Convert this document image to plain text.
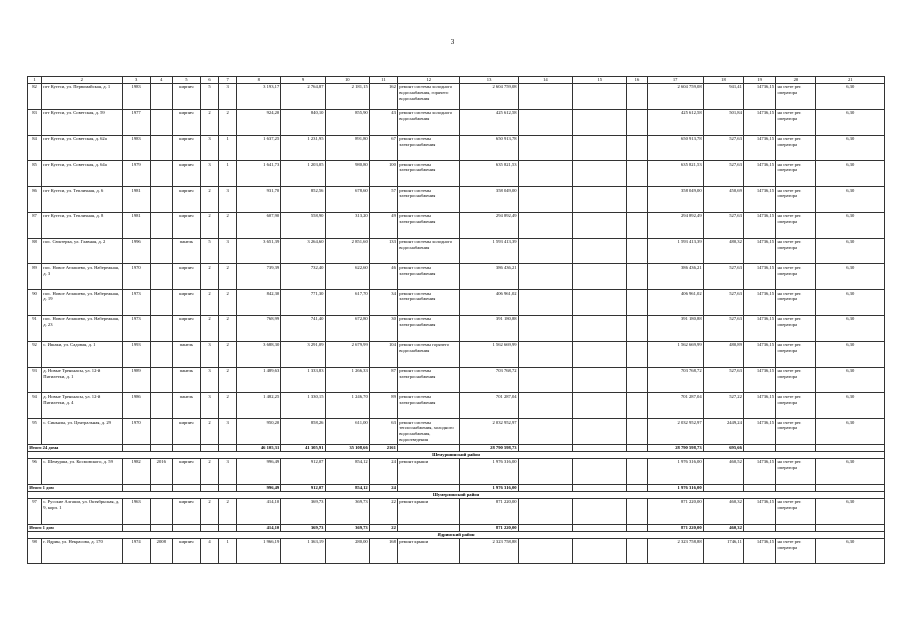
3
1	2	3	4	5	6	7	8	9	10	11	12	13	14	15	16	17	18	19	20	21
82	пгт Кугеси, ул. Первомайская, д. 1	1983		кирпич	5	3	3 193,17	2 764,87	2 181,15	162	ремонт системы холодного водоснабжения, горячего водоснабжения	2 604 759,08				2 604 759,08	941,41	14736,15	на счете рег. оператора	6,30
83	пгт Кугеси, ул. Советская, д. 59	1977		кирпич	2	2	924,20	840,10	855,90	43	ремонт системы холодного водоснабжения	425 612,58				425 612,58	501,84	14736,15	на счете рег. оператора	6,30
84	пгт Кугеси, ул. Советская, д. 62а	1983		кирпич	3	1	1 637,25	1 231,95	891,80	67	ремонт системы электроснабжения	650 913,78				650 913,78	527,63	14736,15	на счете рег. оператора	6,30
85	пгт Кугеси, ул. Советская, д. 64а	1979		кирпич	3	1	1 641,73	1 203,05	980,80	100	ремонт системы электроснабжения	635 821,53				635 821,53	527,63	14736,15	на счете рег. оператора	6,30
86	пгт Кугеси, ул. Тепличная, д. 6	1981		кирпич	2	3	931,70	852,56	678,60	57	ремонт системы электроснабжения	358 049,00				358 049,00	450,69	14736,15	на счете рег. оператора	6,30
87	пгт Кугеси, ул. Тепличная, д. 8	1981		кирпич	2	2	607,90	558,90	313,20	49	ремонт системы электроснабжения	294 892,49				294 892,49	527,63	14736,15	на счете рег. оператора	6,30
88	пос. Сюктерка, ул. Главная, д. 2	1996		панель	5	3	3 651,39	3 264,60	2 851,60	133	ремонт системы холодного водоснабжения	1 593 413,39				1 593 413,39	480,32	14736,15	на счете рег. оператора	6,30
89	пос. Новое Атлашево, ул. Набережная, д. 3	1970		кирпич	2	2	739,39	732,40	622,60	46	ремонт системы электроснабжения	386 436,21				386 436,21	527,63	14736,15	на счете рег. оператора	6,30
90	пос. Новое Атлашево, ул. Набережная, д. 19	1973		кирпич	2	2	842,30	771,30	617,70	34	ремонт системы электроснабжения	406 961,02				406 961,02	527,63	14736,15	на счете рег. оператора	6,30
91	пос. Новое Атлашево, ул. Набережная, д. 23	1973		кирпич	2	2	768,99	741,40	672,80	30	ремонт системы электроснабжения	391 180,88				391 180,88	527,63	14736,15	на счете рег. оператора	6,30
92	с. Ишаки, ул. Садовая, д. 1	1993		панель	3	2	3 688,30	3 291,09	2 679,99	104	ремонт системы горячего водоснабжения	1 562 669,99				1 562 669,99	480,89	14736,15	на счете рег. оператора	6,30
93	д. Новые Тренькасы, ул. 12-й Пятилетки, д. 1	1989		панель	3	2	1 489,63	1 333,83	1 266,33	87	ремонт системы электроснабжения	703 768,72				703 768,72	527,63	14736,15	на счете рег. оператора	6,30
94	д. Новые Тренькасы, ул. 12-й Пятилетки, д. 4	1986		панель	3	2	1 482,25	1 330,15	1 246,70	89	ремонт системы электроснабжения	701 287,04				701 287,04	527,22	14736,15	на счете рег. оператора	6,30
95	с. Синьялы, ул. Центральная, д. 29	1970		кирпич	2	3	950,20	858,26	611,00	63	ремонт системы теплоснабжения, холодного водоснабжения, водоотведения	2 032 952,97				2 032 952,97	2449,24	14736,15	на счете рег. оператора	6,30
Итого 24 дома							46 105,31	41 305,91	35 108,66	2161		28 790 598,73				28 790 598,73	695,66			
Шемуршинский район																				
96	с. Шемурша, ул. Космовского, д. 59	1982	2016	кирпич	2	3	996,49	912,07	854,12	24	ремонт крыши	1 976 316,00				1 976 316,00	460,52	14736,15	на счете рег. оператора	6,30
Итого 1 дом							996,49	912,07	854,12	24		1 976 316,00				1 976 316,00				
Шумерлинский район																				
97	с. Русские Алгаши, ул. Октябрьская, д. 9, корп. 1	1963		кирпич	2	2	414,10	369,73	369,73	22	ремонт крыши	871 220,00				871 220,00	460,32	14736,15	на счете рег. оператора	6,30
Итого 1 дом							414,10	369,73	369,73	22		871 220,00				871 220,00	460,32			
Ядринский район																				
98	г. Ядрин, ул. Некрасова, д. 170	1974	2008	кирпич	4	1	1 966,19	1 363,19	280,00	168	ремонт крыши	2 323 758,88				2 323 758,88	1746,11	14736,15	на счете рег. оператора	6,30
